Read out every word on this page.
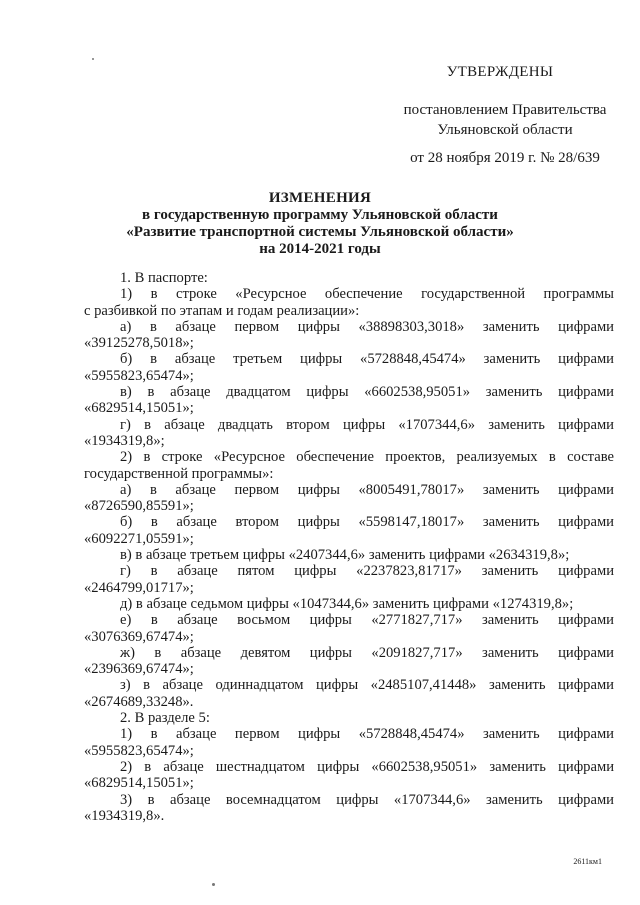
УТВЕРЖДЕНЫ
постановлением Правительства
Ульяновской области
от 28 ноября 2019 г. № 28/639
ИЗМЕНЕНИЯ
в государственную программу Ульяновской области
«Развитие транспортной системы Ульяновской области»
на 2014-2021 годы

1. В паспорте:

1) в строке «Ресурсное обеспечение государственной программы

с разбивкой по этапам и годам реализации»:

а) в абзаце первом цифры «38898303,3018» заменить цифрами

«39125278,5018»;

б) в абзаце третьем цифры «5728848,45474» заменить цифрами

«5955823,65474»;

в) в абзаце двадцатом цифры «6602538,95051» заменить цифрами

«6829514,15051»;

г) в абзаце двадцать втором цифры «1707344,6» заменить цифрами

«1934319,8»;

2) в строке «Ресурсное обеспечение проектов, реализуемых в составе

государственной программы»:

а) в абзаце первом цифры «8005491,78017» заменить цифрами

«8726590,85591»;

б) в абзаце втором цифры «5598147,18017» заменить цифрами

«6092271,05591»;

в) в абзаце третьем цифры «2407344,6» заменить цифрами «2634319,8»;

г) в абзаце пятом цифры «2237823,81717» заменить цифрами

«2464799,01717»;

д) в абзаце седьмом цифры «1047344,6» заменить цифрами «1274319,8»;

е) в абзаце восьмом цифры «2771827,717» заменить цифрами

«3076369,67474»;

ж) в абзаце девятом цифры «2091827,717» заменить цифрами

«2396369,67474»;

з) в абзаце одиннадцатом цифры «2485107,41448» заменить цифрами

«2674689,33248».

2. В разделе 5:

1) в абзаце первом цифры «5728848,45474» заменить цифрами

«5955823,65474»;

2) в абзаце шестнадцатом цифры «6602538,95051» заменить цифрами

«6829514,15051»;

3) в абзаце восемнадцатом цифры «1707344,6» заменить цифрами

«1934319,8».

2611км1
